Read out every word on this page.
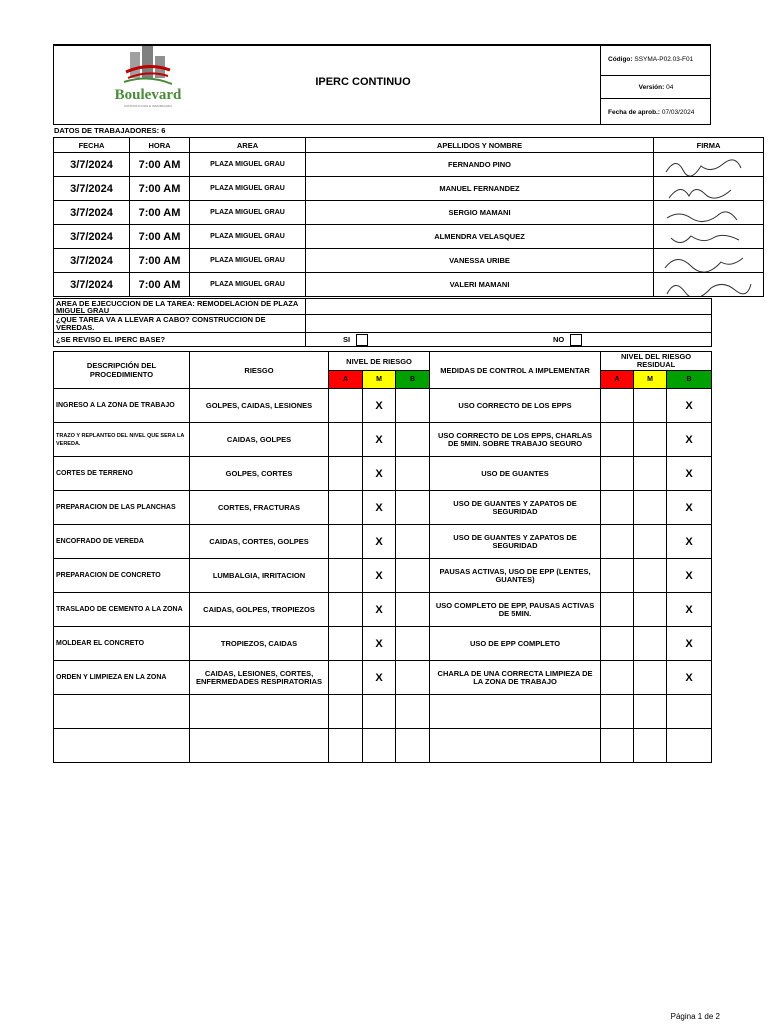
Boulevard
CONSTRUCCION E INMOBILIARIA
IPERC CONTINUO
Código:
SSYMA-P02.03-F01
Versión:
04
Fecha de aprob.:
07/03/2024
DATOS DE TRABAJADORES: 6
FECHA	HORA	AREA	APELLIDOS Y NOMBRE	FIRMA
3/7/2024	7:00 AM	PLAZA MIGUEL GRAU	FERNANDO PINO	

3/7/2024	7:00 AM	PLAZA MIGUEL GRAU	MANUEL FERNANDEZ	

3/7/2024	7:00 AM	PLAZA MIGUEL GRAU	SERGIO MAMANI	

3/7/2024	7:00 AM	PLAZA MIGUEL GRAU	ALMENDRA VELASQUEZ	

3/7/2024	7:00 AM	PLAZA MIGUEL GRAU	VANESSA URIBE	

3/7/2024	7:00 AM	PLAZA MIGUEL GRAU	VALERI MAMANI	
AREA DE EJECUCCION DE LA TAREA: REMODELACION DE PLAZA MIGUEL GRAU	
¿QUE TAREA VA A LLEVAR A CABO? CONSTRUCCION DE VEREDAS.	
¿SE REVISO EL IPERC BASE?	SI NO
DESCRIPCIÓN DEL PROCEDIMIENTO	RIESGO	NIVEL DE RIESGO			MEDIDAS DE CONTROL A IMPLEMENTAR	NIVEL DEL RIESGO RESIDUAL		
		A	M	B		A	M	B
INGRESO A LA ZONA DE TRABAJO	GOLPES, CAIDAS, LESIONES		X		USO CORRECTO DE LOS EPPS			X
TRAZO Y REPLANTEO DEL NIVEL QUE SERA LA VEREDA.	CAIDAS, GOLPES		X		USO CORRECTO DE LOS EPPS, CHARLAS DE 5MIN. SOBRE TRABAJO SEGURO			X
CORTES DE TERRENO	GOLPES, CORTES		X		USO DE GUANTES			X
PREPARACION DE LAS PLANCHAS	CORTES, FRACTURAS		X		USO DE GUANTES Y ZAPATOS DE SEGURIDAD			X
ENCOFRADO DE VEREDA	CAIDAS, CORTES, GOLPES		X		USO DE GUANTES Y ZAPATOS DE SEGURIDAD			X
PREPARACION DE CONCRETO	LUMBALGIA, IRRITACION		X		PAUSAS ACTIVAS, USO DE EPP (LENTES, GUANTES)			X
TRASLADO DE CEMENTO A LA ZONA	CAIDAS, GOLPES, TROPIEZOS		X		USO COMPLETO DE EPP, PAUSAS ACTIVAS DE 5MIN.			X
MOLDEAR EL CONCRETO	TROPIEZOS, CAIDAS		X		USO DE EPP COMPLETO			X
ORDEN Y LIMPIEZA EN LA ZONA	CAIDAS, LESIONES, CORTES, ENFERMEDADES RESPIRATORIAS		X		CHARLA DE UNA CORRECTA LIMPIEZA DE LA ZONA DE TRABAJO			X

Página 1 de 2
